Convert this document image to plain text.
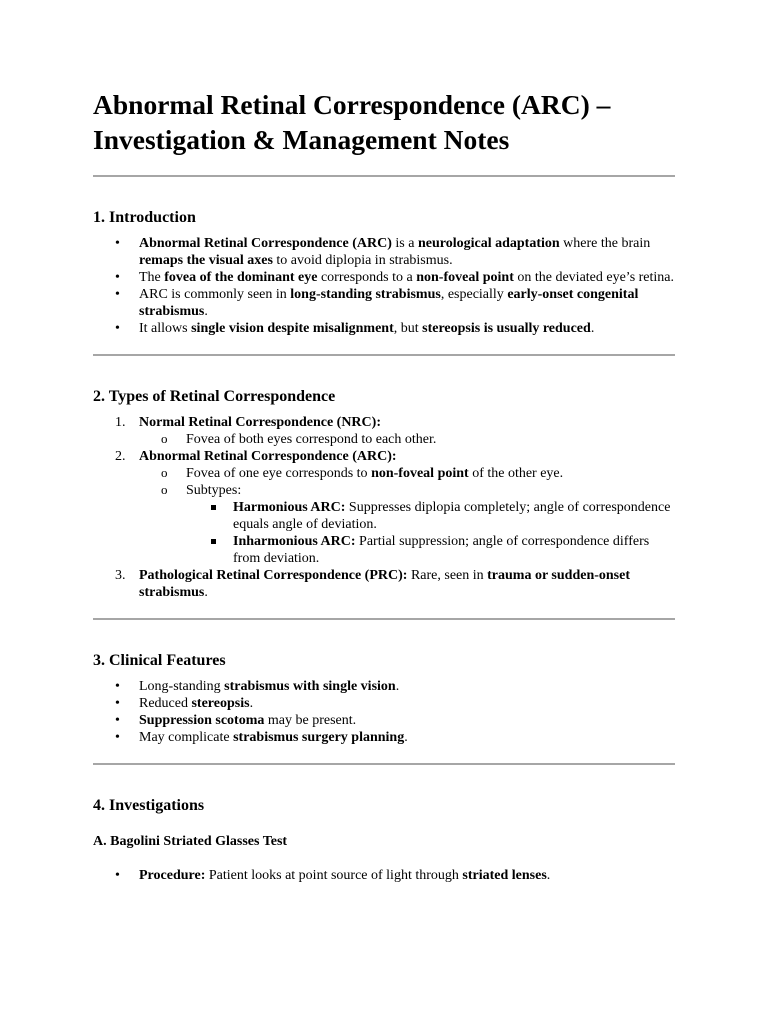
Abnormal Retinal Correspondence (ARC) – Investigation & Management Notes
1. Introduction
• Abnormal Retinal Correspondence (ARC) is a neurological adaptation where the brain remaps the visual axes to avoid diplopia in strabismus.
• The fovea of the dominant eye corresponds to a non-foveal point on the deviated eye’s retina.
• ARC is commonly seen in long-standing strabismus, especially early-onset congenital strabismus.
• It allows single vision despite misalignment, but stereopsis is usually reduced.
2. Types of Retinal Correspondence
1. Normal Retinal Correspondence (NRC):
o Fovea of both eyes correspond to each other.
2. Abnormal Retinal Correspondence (ARC):
o Fovea of one eye corresponds to non-foveal point of the other eye.
o Subtypes:
Harmonious ARC: Suppresses diplopia completely; angle of correspondence equals angle of deviation.
Inharmonious ARC: Partial suppression; angle of correspondence differs from deviation.
3. Pathological Retinal Correspondence (PRC): Rare, seen in trauma or sudden-onset strabismus.
3. Clinical Features
• Long-standing strabismus with single vision.
• Reduced stereopsis.
• Suppression scotoma may be present.
• May complicate strabismus surgery planning.
4. Investigations
A. Bagolini Striated Glasses Test
• Procedure: Patient looks at point source of light through striated lenses.
